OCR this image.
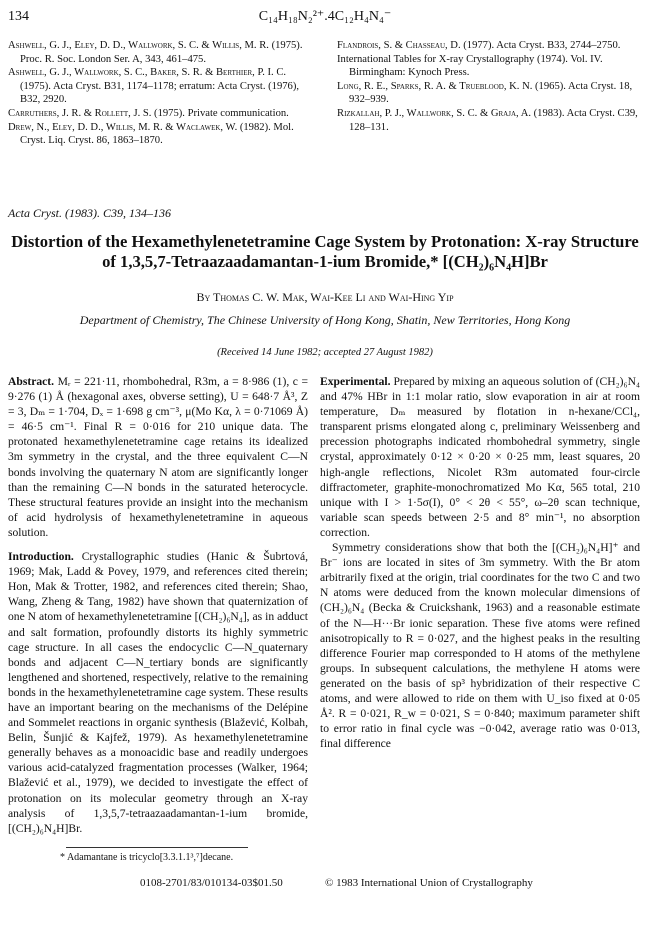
134	C₁₄H₁₈N₂²⁺.4C₁₂H₄N₄⁻

Ashwell, G. J., Eley, D. D., Wallwork, S. C. & Willis, M. R. (1975). Proc. R. Soc. London Ser. A, 343, 461–475.

Ashwell, G. J., Wallwork, S. C., Baker, S. R. & Berthier, P. I. C. (1975). Acta Cryst. B31, 1174–1178; erratum: Acta Cryst. (1976), B32, 2920.

Carruthers, J. R. & Rollett, J. S. (1975). Private communication.

Drew, N., Eley, D. D., Willis, M. R. & Waclawek, W. (1982). Mol. Cryst. Liq. Cryst. 86, 1863–1870.

Flandrois, S. & Chasseau, D. (1977). Acta Cryst. B33, 2744–2750.

International Tables for X-ray Crystallography (1974). Vol. IV. Birmingham: Kynoch Press.

Long, R. E., Sparks, R. A. & Trueblood, K. N. (1965). Acta Cryst. 18, 932–939.

Rizkallah, P. J., Wallwork, S. C. & Graja, A. (1983). Acta Cryst. C39, 128–131.

Acta Cryst. (1983). C39, 134–136
Distortion of the Hexamethylenetetramine Cage System by Protonation: X-ray Structure
of 1,3,5,7-Tetraazaadamantan-1-ium Bromide,* [(CH₂)₆N₄H]Br
By Thomas C. W. Mak, Wai-Kee Li and Wai-Hing Yip
Department of Chemistry, The Chinese University of Hong Kong, Shatin, New Territories, Hong Kong
(Received 14 June 1982; accepted 27 August 1982)

Abstract. Mᵣ = 221·11, rhombohedral, R3m, a = 8·986 (1), c = 9·276 (1) Å (hexagonal axes, obverse setting), U = 648·7 Å³, Z = 3, Dₘ = 1·704, Dₓ = 1·698 g cm⁻³, μ(Mo Kα, λ = 0·71069 Å) = 46·5 cm⁻¹. Final R = 0·016 for 210 unique data. The protonated hexamethylenetetramine cage retains its idealized 3m symmetry in the crystal, and the three equivalent C—N bonds involving the quaternary N atom are significantly longer than the remaining C—N bonds in the saturated heterocycle. These structural features provide an insight into the mechanism of acid hydrolysis of hexamethylenetetramine in aqueous solution.

Introduction. Crystallographic studies (Hanic & Šubrtová, 1969; Mak, Ladd & Povey, 1979, and references cited therein; Hon, Mak & Trotter, 1982, and references cited therein; Shao, Wang, Zheng & Tang, 1982) have shown that quaternization of one N atom of hexamethylenetetramine [(CH₂)₆N₄], as in adduct and salt formation, profoundly distorts its highly symmetric cage structure. In all cases the endocyclic C—N_quaternary bonds and adjacent C—N_tertiary bonds are significantly lengthened and shortened, respectively, relative to the remaining bonds in the hexamethylenetetramine cage system. These results have an important bearing on the mechanisms of the Delépine and Sommelet reactions in organic synthesis (Blažević, Kolbah, Belin, Šunjić & Kajfež, 1979). As hexamethylenetetramine generally behaves as a monoacidic base and readily undergoes various acid-catalyzed fragmentation processes (Walker, 1964; Blažević et al., 1979), we decided to investigate the effect of protonation on its molecular geometry through an X-ray analysis of 1,3,5,7-tetraazaadamantan-1-ium bromide, [(CH₂)₆N₄H]Br.

Experimental. Prepared by mixing an aqueous solution of (CH₂)₆N₄ and 47% HBr in 1:1 molar ratio, slow evaporation in air at room temperature, Dₘ measured by flotation in n-hexane/CCl₄, transparent prisms elongated along c, preliminary Weissenberg and precession photographs indicated rhombohedral symmetry, single crystal, approximately 0·12 × 0·20 × 0·25 mm, least squares, 20 high-angle reflections, Nicolet R3m automated four-circle diffractometer, graphite-monochromatized Mo Kα, 565 total, 210 unique with I > 1·5σ(I), 0° < 2θ < 55°, ω–2θ scan technique, variable scan speeds between 2·5 and 8° min⁻¹, no absorption correction.

Symmetry considerations show that both the [(CH₂)₆N₄H]⁺ and Br⁻ ions are located in sites of 3m symmetry. With the Br atom arbitrarily fixed at the origin, trial coordinates for the two C and two N atoms were deduced from the known molecular dimensions of (CH₂)₆N₄ (Becka & Cruickshank, 1963) and a reasonable estimate of the N—H···Br ionic separation. These five atoms were refined anisotropically to R = 0·027, and the highest peaks in the resulting difference Fourier map corresponded to H atoms of the methylene groups. In subsequent calculations, the methylene H atoms were generated on the basis of sp³ hybridization of their respective C atoms, and were allowed to ride on them with U_iso fixed at 0·05 Å². R = 0·021, R_w = 0·021, S = 0·840; maximum parameter shift to error ratio in final cycle was −0·042, average ratio was 0·013, final difference

* Adamantane is tricyclo[3.3.1.1³,⁷]decane.
0108-2701/83/010134-03$01.50	© 1983 International Union of Crystallography
